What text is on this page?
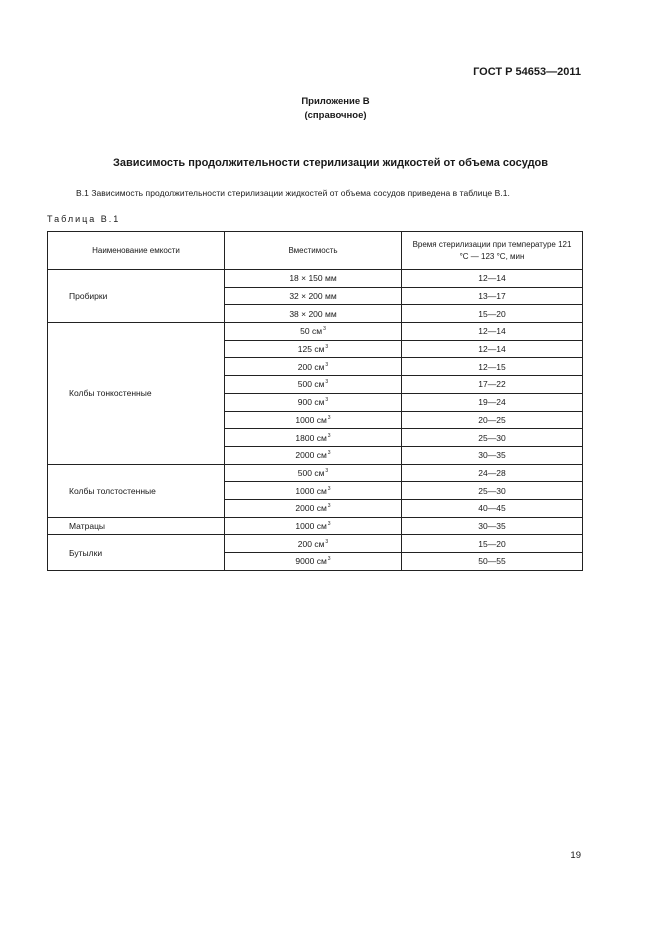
ГОСТ Р 54653—2011
Приложение В
(справочное)
Зависимость продолжительности стерилизации жидкостей от объема сосудов
В.1 Зависимость продолжительности стерилизации жидкостей от объема сосудов приведена в таблице В.1.
Таблица В.1
Наименование емкости	Вместимость	Время стерилизации при температуре 121 °С — 123 °С, мин
Пробирки	18 × 150 мм	12—14
	32 × 200 мм	13—17
	38 × 200 мм	15—20
Колбы тонкостенные	50 $см^3$	12—14
	125 $см^3$	12—14
	200 $см^3$	12—15
	500 $см^3$	17—22
	900 $см^3$	19—24
	1000 $см^3$	20—25
	1800 $см^3$	25—30
	2000 $см^3$	30—35
Колбы толстостенные	500 $см^3$	24—28
	1000 $см^3$	25—30
	2000 $см^3$	40—45
Матрацы	1000 $см^3$	30—35
Бутылки	200 $см^3$	15—20
	9000 $см^3$	50—55
19
